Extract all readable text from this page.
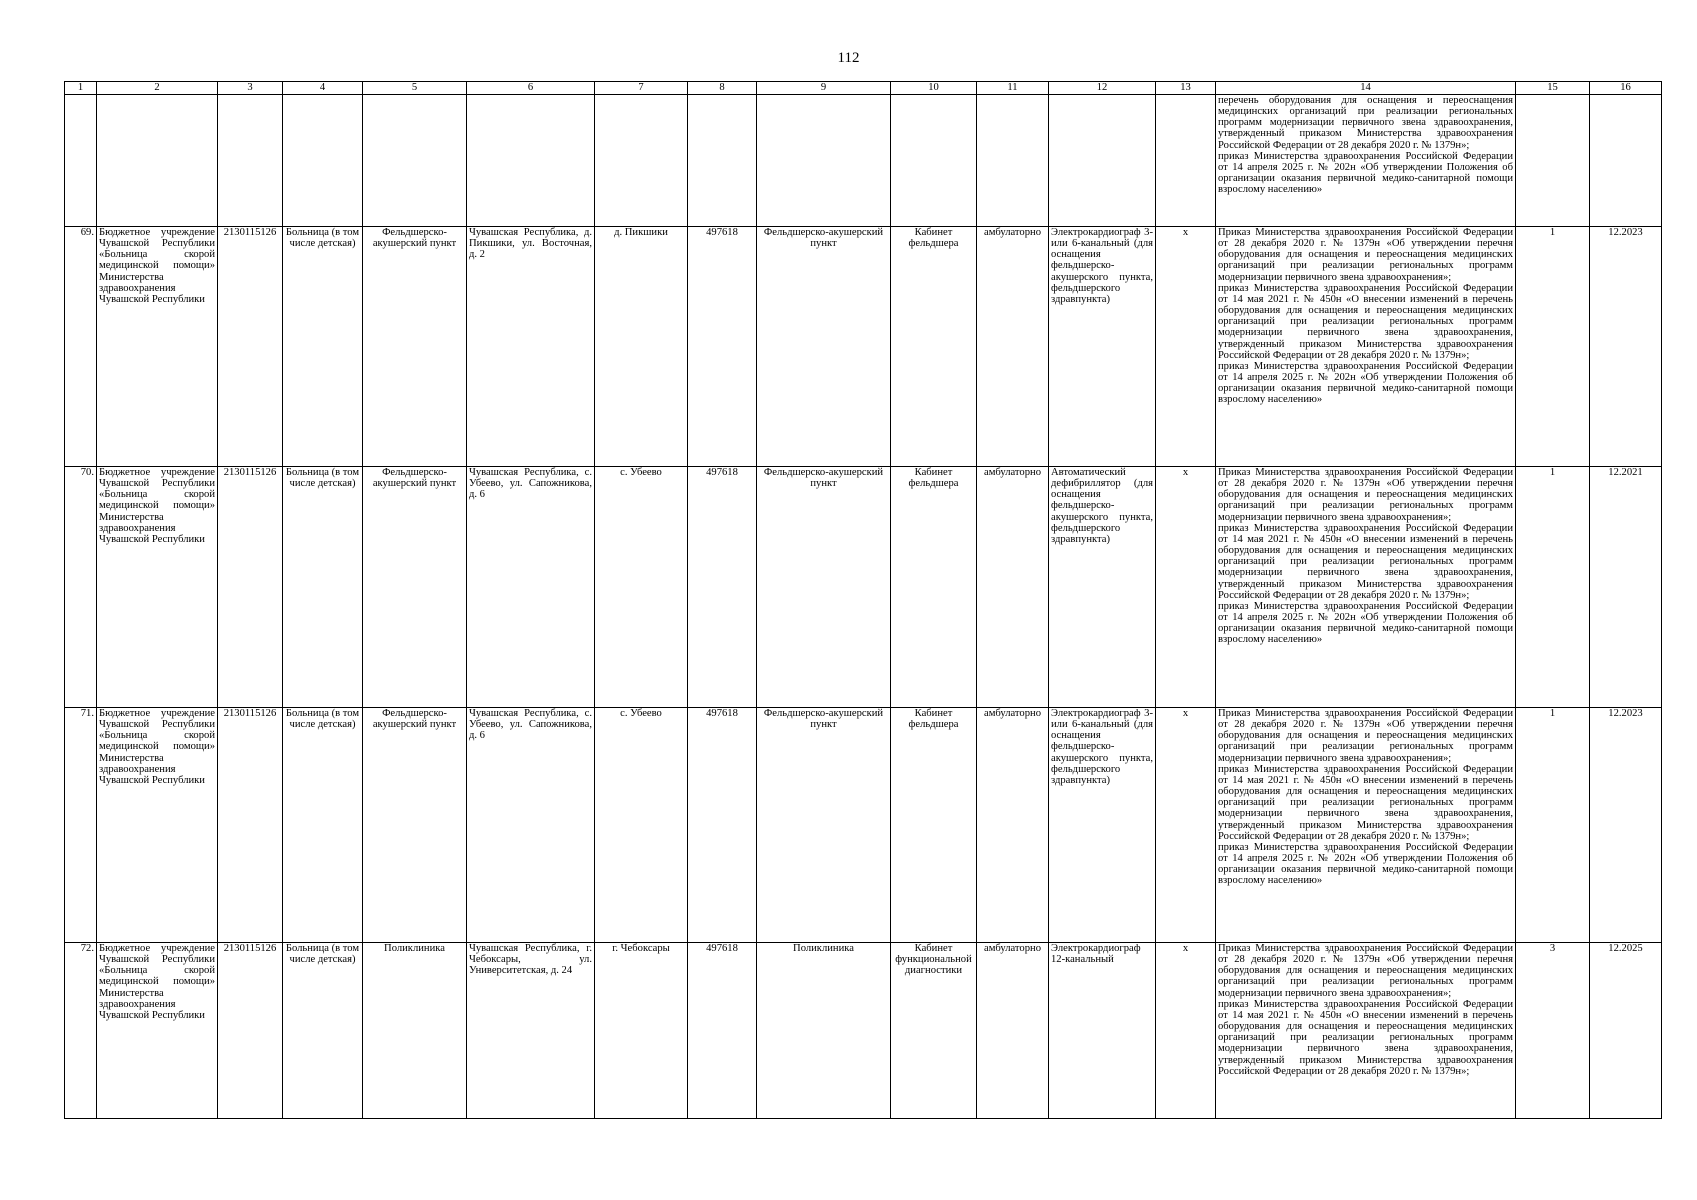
112
1	2	3	4	5	6	7	8	9	10	11	12	13	14	15	16
													перечень оборудования для оснащения и переоснащения медицинских организаций при реализации региональных программ модернизации первичного звена здравоохранения, утвержденный приказом Министерства здравоохранения Российской Федерации от 28 декабря 2020 г. № 1379н»;
приказ Министерства здравоохранения Российской Федерации от 14 апреля 2025 г. № 202н «Об утверждении Положения об организации оказания первичной медико-санитарной помощи взрослому населению»		
69.	Бюджетное учреждение Чувашской Республики «Больница скорой медицинской помощи» Министерства здравоохранения Чувашской Республики	2130115126	Больница (в том числе детская)	Фельдшерско-акушерский пункт	Чувашская Республика, д. Пикшики, ул. Восточная, д. 2	д. Пикшики	497618	Фельдшерско-акушерский пункт	Кабинет фельдшера	амбулаторно	Электрокардиограф 3- или 6-канальный (для оснащения фельдшерско-акушерского пункта, фельдшерского здравпункта)	x	Приказ Министерства здравоохранения Российской Федерации от 28 декабря 2020 г. № 1379н «Об утверждении перечня оборудования для оснащения и переоснащения медицинских организаций при реализации региональных программ модернизации первичного звена здравоохранения»;
приказ Министерства здравоохранения Российской Федерации от 14 мая 2021 г. № 450н «О внесении изменений в перечень оборудования для оснащения и переоснащения медицинских организаций при реализации региональных программ модернизации первичного звена здравоохранения, утвержденный приказом Министерства здравоохранения Российской Федерации от 28 декабря 2020 г. № 1379н»;
приказ Министерства здравоохранения Российской Федерации от 14 апреля 2025 г. № 202н «Об утверждении Положения об организации оказания первичной медико-санитарной помощи взрослому населению»	1	12.2023
70.	Бюджетное учреждение Чувашской Республики «Больница скорой медицинской помощи» Министерства здравоохранения Чувашской Республики	2130115126	Больница (в том числе детская)	Фельдшерско-акушерский пункт	Чувашская Республика, с. Убеево, ул. Сапожникова, д. 6	с. Убеево	497618	Фельдшерско-акушерский пункт	Кабинет фельдшера	амбулаторно	Автоматический дефибриллятор (для оснащения фельдшерско-акушерского пункта, фельдшерского здравпункта)	x	Приказ Министерства здравоохранения Российской Федерации от 28 декабря 2020 г. № 1379н «Об утверждении перечня оборудования для оснащения и переоснащения медицинских организаций при реализации региональных программ модернизации первичного звена здравоохранения»;
приказ Министерства здравоохранения Российской Федерации от 14 мая 2021 г. № 450н «О внесении изменений в перечень оборудования для оснащения и переоснащения медицинских организаций при реализации региональных программ модернизации первичного звена здравоохранения, утвержденный приказом Министерства здравоохранения Российской Федерации от 28 декабря 2020 г. № 1379н»;
приказ Министерства здравоохранения Российской Федерации от 14 апреля 2025 г. № 202н «Об утверждении Положения об организации оказания первичной медико-санитарной помощи взрослому населению»	1	12.2021
71.	Бюджетное учреждение Чувашской Республики «Больница скорой медицинской помощи» Министерства здравоохранения Чувашской Республики	2130115126	Больница (в том числе детская)	Фельдшерско-акушерский пункт	Чувашская Республика, с. Убеево, ул. Сапожникова, д. 6	с. Убеево	497618	Фельдшерско-акушерский пункт	Кабинет фельдшера	амбулаторно	Электрокардиограф 3- или 6-канальный (для оснащения фельдшерско-акушерского пункта, фельдшерского здравпункта)	x	Приказ Министерства здравоохранения Российской Федерации от 28 декабря 2020 г. № 1379н «Об утверждении перечня оборудования для оснащения и переоснащения медицинских организаций при реализации региональных программ модернизации первичного звена здравоохранения»;
приказ Министерства здравоохранения Российской Федерации от 14 мая 2021 г. № 450н «О внесении изменений в перечень оборудования для оснащения и переоснащения медицинских организаций при реализации региональных программ модернизации первичного звена здравоохранения, утвержденный приказом Министерства здравоохранения Российской Федерации от 28 декабря 2020 г. № 1379н»;
приказ Министерства здравоохранения Российской Федерации от 14 апреля 2025 г. № 202н «Об утверждении Положения об организации оказания первичной медико-санитарной помощи взрослому населению»	1	12.2023
72.	Бюджетное учреждение Чувашской Республики «Больница скорой медицинской помощи» Министерства здравоохранения Чувашской Республики	2130115126	Больница (в том числе детская)	Поликлиника	Чувашская Республика, г. Чебоксары, ул. Университетская, д. 24	г. Чебоксары	497618	Поликлиника	Кабинет функциональной диагностики	амбулаторно	Электрокардиограф 12-канальный	x	Приказ Министерства здравоохранения Российской Федерации от 28 декабря 2020 г. № 1379н «Об утверждении перечня оборудования для оснащения и переоснащения медицинских организаций при реализации региональных программ модернизации первичного звена здравоохранения»;
приказ Министерства здравоохранения Российской Федерации от 14 мая 2021 г. № 450н «О внесении изменений в перечень оборудования для оснащения и переоснащения медицинских организаций при реализации региональных программ модернизации первичного звена здравоохранения, утвержденный приказом Министерства здравоохранения Российской Федерации от 28 декабря 2020 г. № 1379н»;	3	12.2025
